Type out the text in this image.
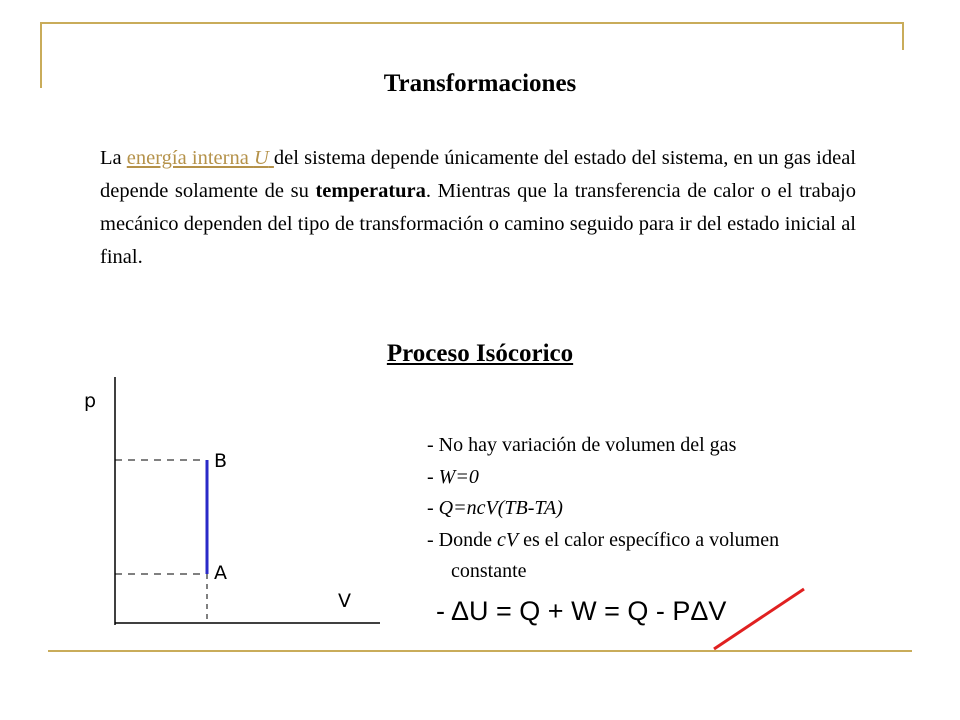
Transformaciones
La energía interna U del sistema depende únicamente del estado del sistema, en un gas ideal depende solamente de su temperatura. Mientras que la transferencia de calor o el trabajo mecánico dependen del tipo de transformación o camino seguido para ir del estado inicial al final.
Proceso Isócorico
p
B
A
V
- No hay variación de volumen del gas
- W=0
- Q=ncV(TB-TA)
- Donde cV es el calor específico a volumen
constante
- ΔU = Q + W = Q - PΔV
